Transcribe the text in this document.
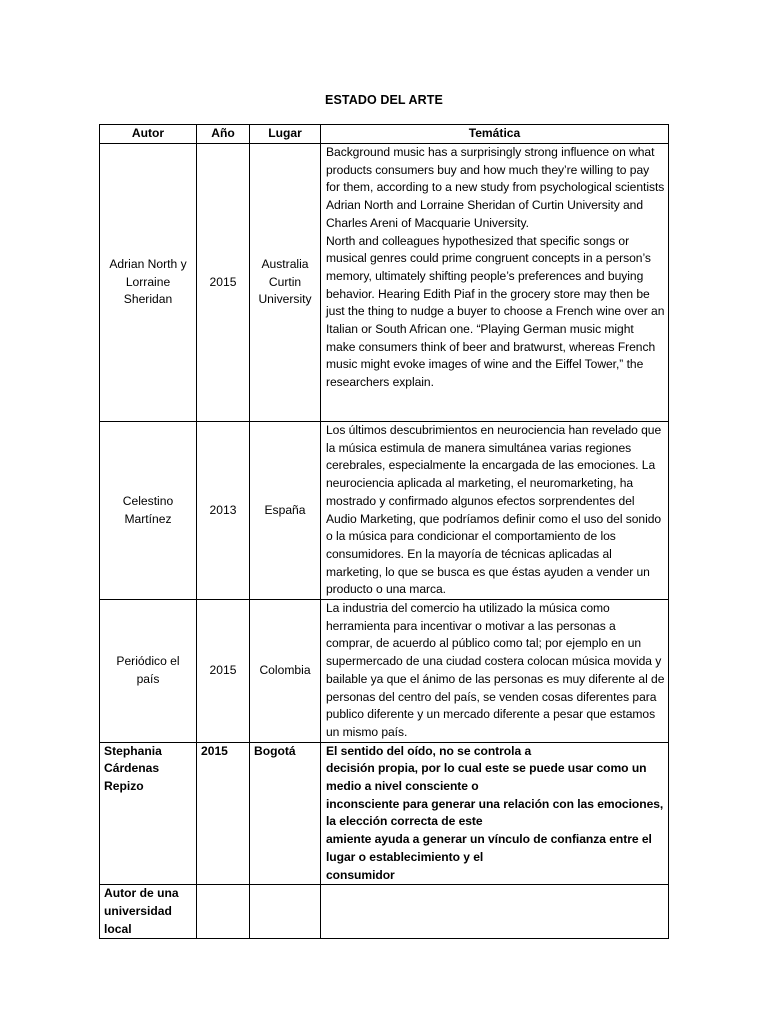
ESTADO DEL ARTE
Autor	Año	Lugar	Temática
Adrian North y Lorraine Sheridan	2015	Australia Curtin University	Background music has a surprisingly strong influence on what products consumers buy and how much they’re willing to pay for them, according to a new study from psychological scientists Adrian North and Lorraine Sheridan of Curtin University and Charles Areni of Macquarie University.
North and colleagues hypothesized that specific songs or musical genres could prime congruent concepts in a person’s memory, ultimately shifting people’s preferences and buying behavior. Hearing Edith Piaf in the grocery store may then be just the thing to nudge a buyer to choose a French wine over an Italian or South African one. “Playing German music might make consumers think of beer and bratwurst, whereas French music might evoke images of wine and the Eiffel Tower,” the researchers explain.

Celestino Martínez	2013	España	Los últimos descubrimientos en neurociencia han revelado que la música estimula de manera simultánea varias regiones cerebrales, especialmente la encargada de las emociones. La neurociencia aplicada al marketing, el neuromarketing, ha mostrado y confirmado algunos efectos sorprendentes del Audio Marketing, que podríamos definir como el uso del sonido o la música para condicionar el comportamiento de los consumidores. En la mayoría de técnicas aplicadas al marketing, lo que se busca es que éstas ayuden a vender un producto o una marca.

Periódico el país	2015	Colombia	La industria del comercio ha utilizado la música como herramienta para incentivar o motivar a las personas a comprar, de acuerdo al público como tal; por ejemplo en un supermercado de una ciudad costera colocan música movida y bailable ya que el ánimo de las personas es muy diferente al de personas del centro del país, se venden cosas diferentes para publico diferente y un mercado diferente a pesar que estamos un mismo país.

Stephania Cárdenas Repizo	2015	Bogotá	El sentido del oído, no se controla a
decisión propia, por lo cual este se puede usar como un medio a nivel consciente o
inconsciente para generar una relación con las emociones, la elección correcta de este
amiente ayuda a generar un vínculo de confianza entre el lugar o establecimiento y el
consumidor

Autor de una universidad local			
